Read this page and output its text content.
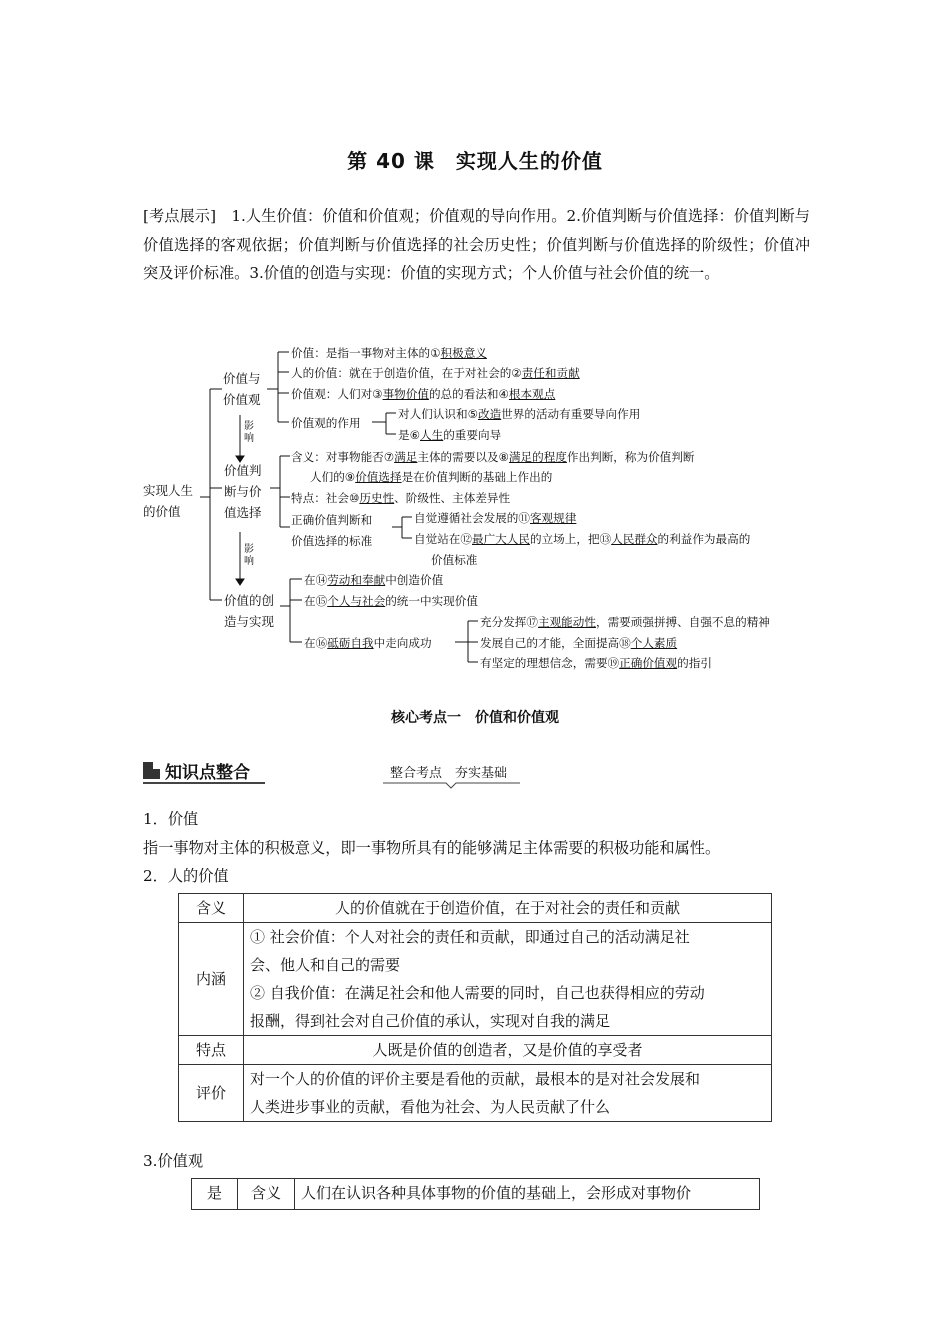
第 40 课　实现人生的价值
[考点展示]　1.人生价值：价值和价值观；价值观的导向作用。2.价值判断与价值选择：价值判断与价值选择的客观依据；价值判断与价值选择的社会历史性；价值判断与价值选择的阶级性；价值冲突及评价标准。3.价值的创造与实现：价值的实现方式；个人价值与社会价值的统一。
实现人生
的价值
价值与
价值观
影响
价值：是指一事物对主体的①积极意义
人的价值：就在于创造价值，在于对社会的②责任和贡献
价值观：人们对③事物价值的总的看法和④根本观点
价值观的作用
对人们认识和⑤改造世界的活动有重要导向作用
是⑥人生的重要向导
价值判
断与价
值选择
影响
含义：对事物能否⑦满足主体的需要以及⑧满足的程度作出判断，称为价值判断
人们的⑨价值选择是在价值判断的基础上作出的
特点：社会⑩历史性、阶级性、主体差异性
正确价值判断和
价值选择的标准
自觉遵循社会发展的⑪客观规律
自觉站在⑫最广大人民的立场上，把⑬人民群众的利益作为最高的
价值标准
价值的创
造与实现
在⑭劳动和奉献中创造价值
在⑮个人与社会的统一中实现价值
在⑯砥砺自我中走向成功
充分发挥⑰主观能动性，需要顽强拼搏、自强不息的精神
发展自己的才能，全面提高⑱个人素质
有坚定的理想信念，需要⑲正确价值观的指引
核心考点一　价值和价值观
知识点整合	整合考点　夯实基础
1．价值
指一事物对主体的积极意义，即一事物所具有的能够满足主体需要的积极功能和属性。
2．人的价值
含义	人的价值就在于创造价值，在于对社会的责任和贡献
内涵	① 社会价值：个人对社会的责任和贡献，即通过自己的活动满足社
会、他人和自己的需要
② 自我价值：在满足社会和他人需要的同时，自己也获得相应的劳动
报酬，得到社会对自己价值的承认，实现对自我的满足

特点	人既是价值的创造者，又是价值的享受者
评价	对一个人的价值的评价主要是看他的贡献，最根本的是对社会发展和
人类进步事业的贡献，看他为社会、为人民贡献了什么
3.价值观
是	含义	人们在认识各种具体事物的价值的基础上，会形成对事物价
